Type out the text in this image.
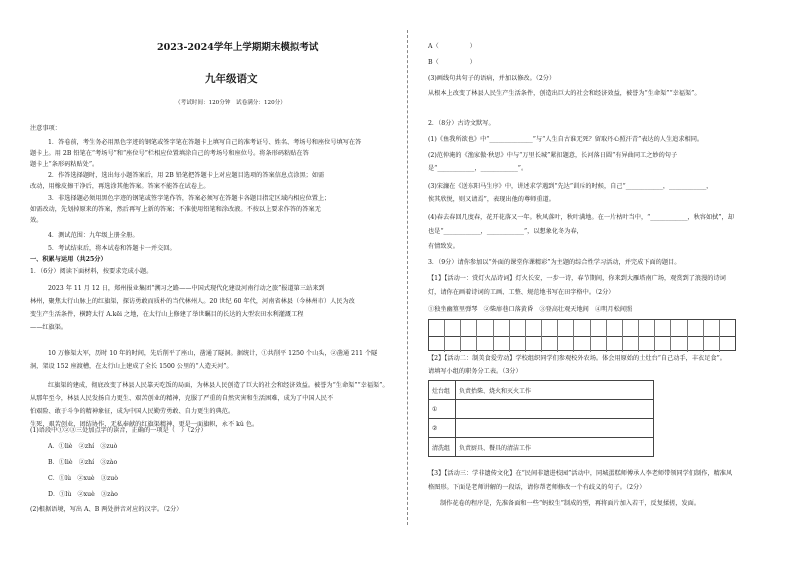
2023-2024学年上学期期末模拟考试
九年级语文
（考试时间：120分钟　试卷满分：120分）
注意事项：
1．答卷前，考生务必用黑色字迹的钢笔或签字笔在答题卡上填写自己的准考证号、姓名、考场号和座位号填写在答
题卡上。用 2B 铅笔在“考场号”和“座位号”栏相应位置填涂自己的考场号和座位号。将条形码粘贴在答
题卡上“条形码粘贴处”。
2．作答选择题时，选出每小题答案后，用 2B 铅笔把答题卡上对应题目选项的答案信息点涂黑；如需
改动，用橡皮擦干净后，再选涂其他答案。答案不能答在试卷上。
3．非选择题必须用黑色字迹的钢笔或签字笔作答，答案必须写在答题卡各题目指定区域内相应位置上；
如需改动，先划掉原来的答案，然后再写上新的答案；不准使用铅笔和涂改液。不按以上要求作答的答案无
效。
4．测试范围：九年级上册全册。
5．考试结束后，将本试卷和答题卡一并交回。
一、积累与运用（共25分）
1．（6分）阅读下面材料，按要求完成小题。
2023 年 11 月 12 日，郑州报业集团“溯习之路——中国式现代化建设河南行动之旅”报道第三站来到
林州，聚焦太行山脉上的红旗渠，探访勇敢而质朴的当代林州人。20 世纪 60 年代，河南省林县（今林州市）人民为改
变生产生活条件，横跨太行 A.kēi 之地，在太行山上修建了举世瞩目的长达的大型农田水利灌溉工程
——红旗渠。
10 万修渠大军，历时 10 年的时间，先后削平了座山，凿通了隧洞。据统计，①共削平 1250 个山头，②凿通 211 个隧
洞，架设 152 座渡槽，在太行山上建成了全长 1500 公里的“人造天河”。
红旗渠的建成，彻底改变了林县人民靠天吃饭的局面，为林县人民创造了巨大的社会和经济效益。被誉为“生命渠”“幸福渠”。
从那年至今，林县人民发扬自力更生、艰苦创业的精神，克服了严重的自然灾害和生活困难，成为了中国人民不
怕艰险、敢于斗争的精神象征，成为中国人民勤劳勇敢、自力更生的典范。
生死，艰苦创业，团结协作，无私奉献的红旗渠精神，更是一面旗帜，永不 kǔ 色。
(1)语段中①②③三处加点字的读音，正确的一项是（　）（2分）
A．①liè　②zhí　③zuò
B．①liè　②zhí　③zào
C．①lù　②xuè　③zuò
D．①lù　②xuè　③zào
(2)根据语境，写出 A、B 两处拼音对应的汉字。（2分）
A（　　　　　）
B（　　　　　）
(3)画线句共句子的语病，并加以修改。（2分）
从根本上改变了林县人民生产生活条件，创造出巨大的社会和经济效益，被誉为“生命渠”“幸福渠”。
2．（8分）古诗文默写。
(1)《鱼我所欲也》中“______________”与“人生自古谁无死？留取丹心照汗青”表达的人生追求相同。
(2)范仲淹的《渔家傲·秋思》中与“万里长城”紧扣题意，长河落日圆“有异曲同工之妙的句子
是“____________，____________”。
(3)宋濂在《送东阳马生序》中，讲述求学遇到“先达”训斥的时候，自己“____________，____________，
俟其欣悦，则又请焉”，表现出他的尊师重道。
(4)春去春回几度春，花开花落又一年。秋风落叶，秋叶满地。在一片枯叶当中，“____________，秋容如拭”，却
也是“____________，____________”，以想象化冬为春，
有情致发。
3．（9分）请你参加以“外面的课堂你课精彩”为主题的综合性学习活动，并完成下面的题目。
【1】【活动一：赏灯火品诗词】灯火长安，一步一诗，春节期间，你来到大雁塔南广场，观赏到了浪漫的诗词
灯，请你在画着诗词的工画、工整、规范地书写在田字格中。（2分）
①独坐幽篁里弹琴　②柴扉巷口落黄昏　③登高壮观天地间　④明月松间照
【2】【活动二：制美食爱劳动】学校组织同学们参观校外农场。体会用原始的土灶台“自己动手，丰衣足食”。
请填写小组的职务分工表。（3分）
灶台组	负责抬柴、烧火和灭火工作
①	
②	
清洗组	负责厨具、餐具的清洁工作
【3】【活动三：学非遗传文化】在“民间非遗进校园”活动中，同城蛋糕师傅承人李老师带领同学们制作，精准风
格图形。下面是老师讲解的一段话，请你帮老师修改一个有歧义的句子。（2分）
制作花卷的程序是，先准备面和一些“蚂蚁生”制成的型，再将面片加入若干，反复揉搓，发面。
